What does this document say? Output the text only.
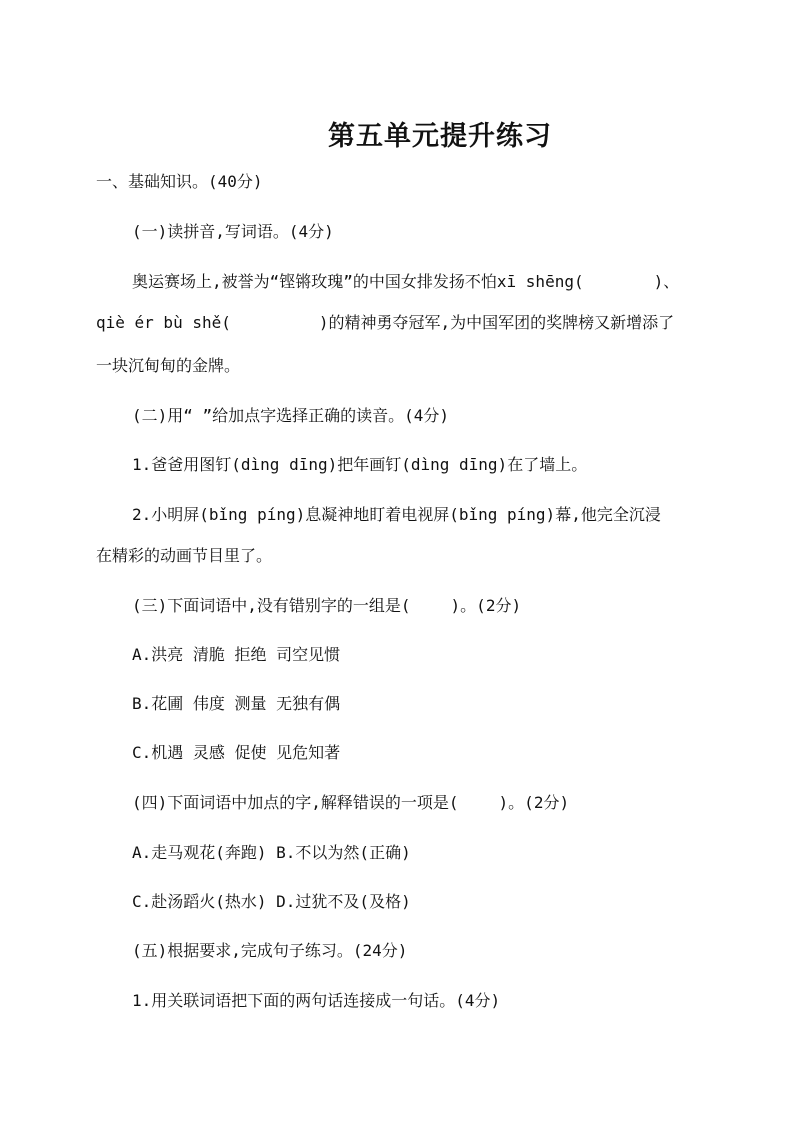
第五单元提升练习
一、基础知识。(40分)
(一)读拼音,写词语。(4分)
奥运赛场上,被誉为“铿锵玫瑰”的中国女排发扬不怕xī shēng(	)、
qiè ér bù shě(	)的精神勇夺冠军,为中国军团的奖牌榜又新增添了
一块沉甸甸的金牌。
(二)用“ ”给加点字选择正确的读音。(4分)
1.爸爸用图钉(dìng dīng)把年画钉(dìng dīng)在了墙上。
2.小明屏(bǐng píng)息凝神地盯着电视屏(bǐng píng)幕,他完全沉浸
在精彩的动画节目里了。
(三)下面词语中,没有错别字的一组是(	)。(2分)
A.洪亮 清脆 拒绝 司空见惯
B.花圃 伟度 测量 无独有偶
C.机遇 灵感 促使 见危知著
(四)下面词语中加点的字,解释错误的一项是(	)。(2分)
A.走马观花(奔跑) B.不以为然(正确)
C.赴汤蹈火(热水) D.过犹不及(及格)
(五)根据要求,完成句子练习。(24分)
1.用关联词语把下面的两句话连接成一句话。(4分)
